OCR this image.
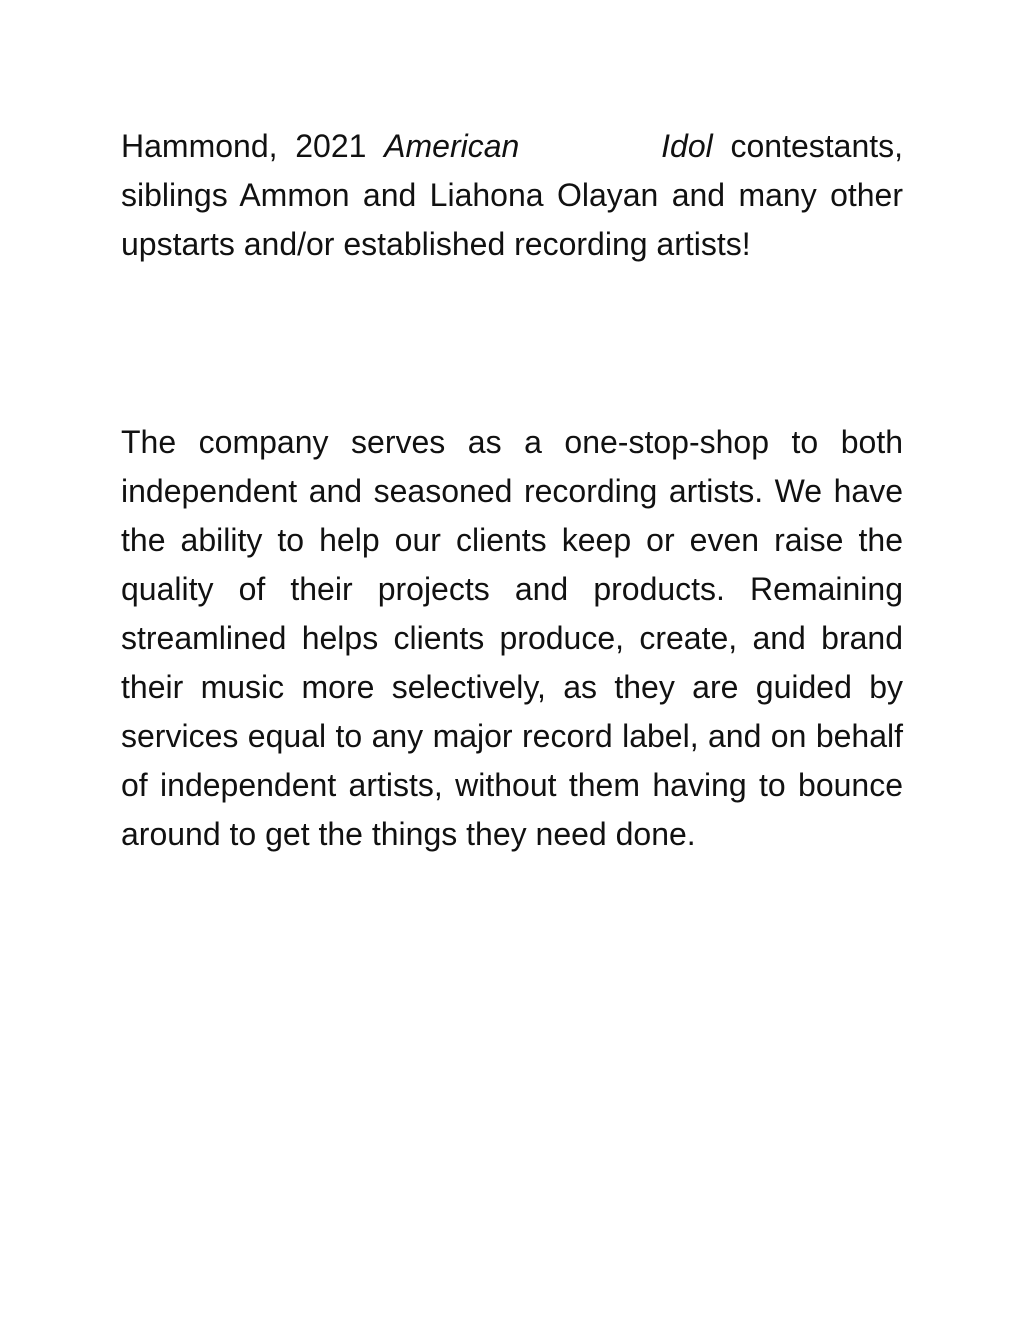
Hammond, 2021 American	Idol contestants, siblings Ammon and Liahona Olayan and many other upstarts and/or established recording artists!

The company serves as a one-stop-shop to both independent and seasoned recording artists. We have the ability to help our clients keep or even raise the quality of their projects and products. Remaining streamlined helps clients produce, create, and brand their music more selectively, as they are guided by services equal to any major record label, and on behalf of independent artists, without them having to bounce around to get the things they need done.
